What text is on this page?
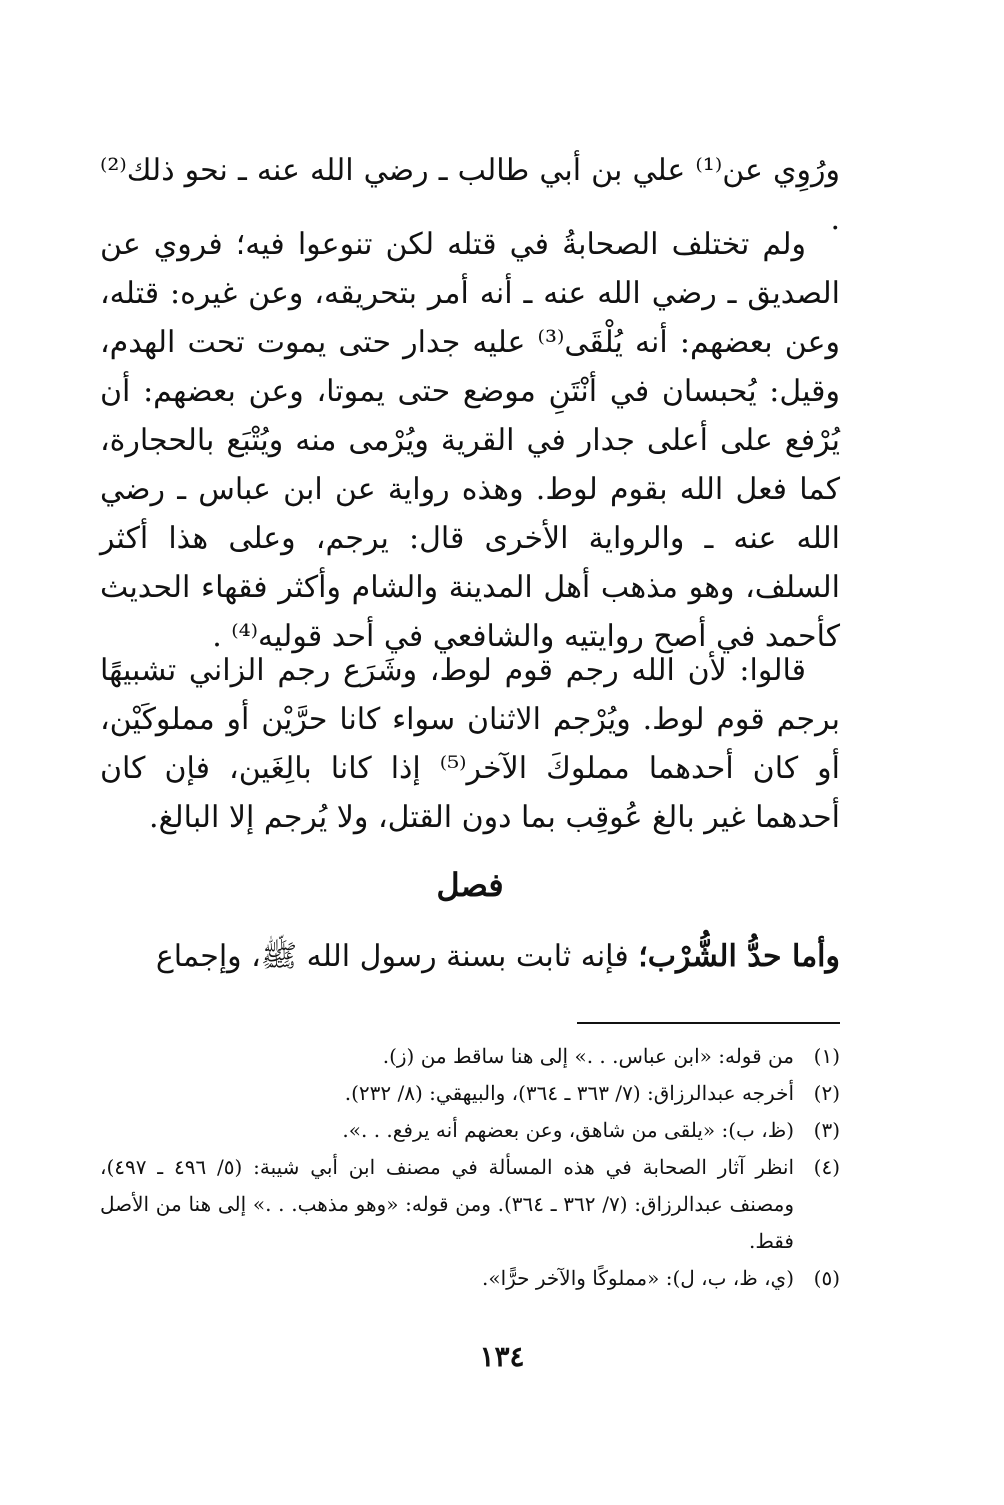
ورُوِي عن⁽¹⁾ علي بن أبي طالب ـ رضي الله عنه ـ نحو ذلك⁽²⁾ .

ولم تختلف الصحابةُ في قتله لكن تنوعوا فيه؛ فروي عن الصديق ـ رضي الله عنه ـ أنه أمر بتحريقه، وعن غيره: قتله، وعن بعضهم: أنه يُلْقَى⁽³⁾ عليه جدار حتى يموت تحت الهدم، وقيل: يُحبسان في أنْتَنِ موضع حتى يموتا، وعن بعضهم: أن يُرْفع على أعلى جدار في القرية ويُرْمى منه ويُتْبَع بالحجارة، كما فعل الله بقوم لوط. وهذه رواية عن ابن عباس ـ رضي الله عنه ـ والرواية الأخرى قال: يرجم، وعلى هذا أكثر السلف، وهو مذهب أهل المدينة والشام وأكثر فقهاء الحديث كأحمد في أصح روايتيه والشافعي في أحد قوليه⁽⁴⁾ .

قالوا: لأن الله رجم قوم لوط، وشَرَع رجم الزاني تشبيهًا برجم قوم لوط. ويُرْجم الاثنان سواء كانا حرَّيْن أو مملوكَيْن، أو كان أحدهما مملوكَ الآخر⁽⁵⁾ إذا كانا بالِغَين، فإن كان أحدهما غير بالغ عُوقِب بما دون القتل، ولا يُرجم إلا البالغ.

فصل

وأما حدُّ الشُّرْب؛ فإنه ثابت بسنة رسول الله ﷺ، وإجماع

(١)
من قوله: «ابن عباس. . .» إلى هنا ساقط من (ز).
(٢)
أخرجه عبدالرزاق: (٧/ ٣٦٣ ـ ٣٦٤)، والبيهقي: (٨/ ٢٣٢).
(٣)
(ظ، ب): «يلقى من شاهق، وعن بعضهم أنه يرفع. . .».
(٤)
انظر آثار الصحابة في هذه المسألة في مصنف ابن أبي شيبة: (٥/ ٤٩٦ ـ ٤٩٧)، ومصنف عبدالرزاق: (٧/ ٣٦٢ ـ ٣٦٤). ومن قوله: «وهو مذهب. . .» إلى هنا من الأصل فقط.
(٥)
(ي، ظ، ب، ل): «مملوكًا والآخر حرًّا».
١٣٤
